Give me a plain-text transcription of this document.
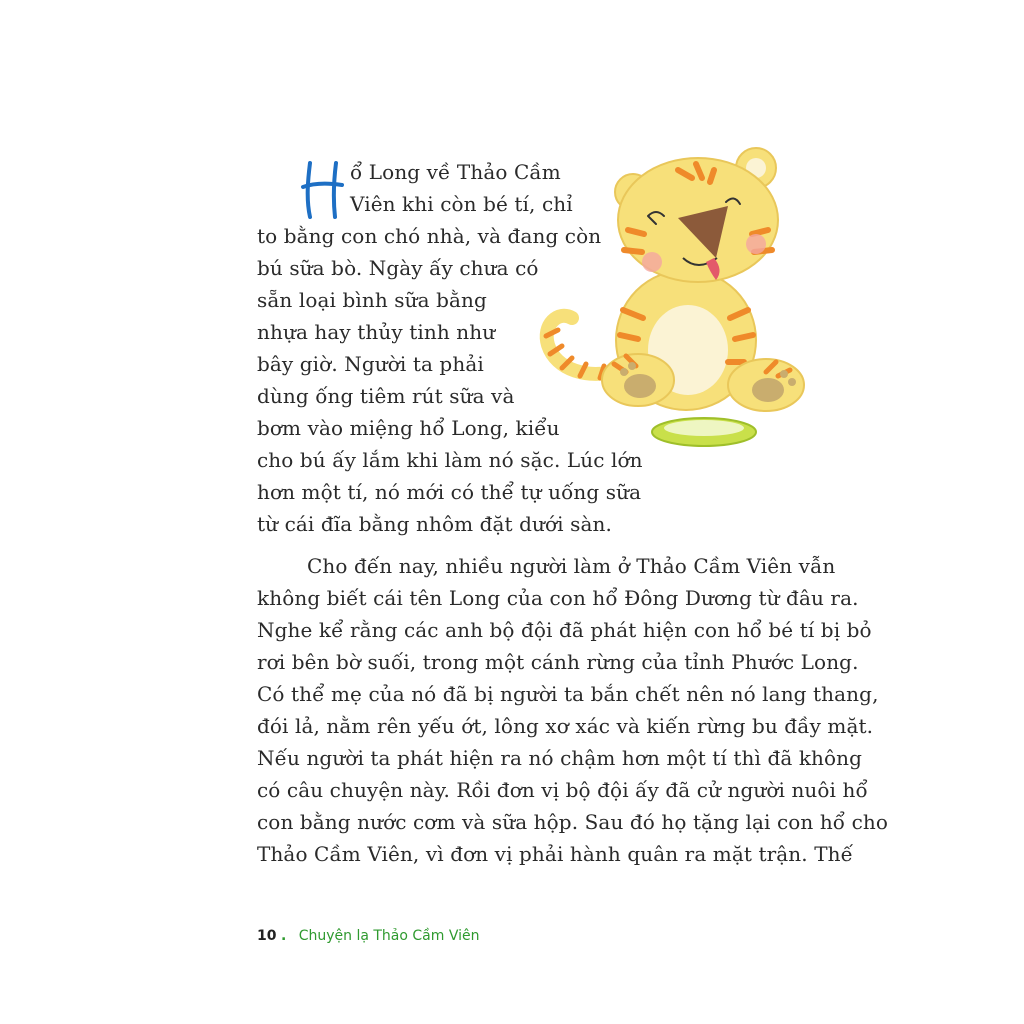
H
ổ Long về Thảo Cầm
Viên khi còn bé tí, chỉ
to bằng con chó nhà, và đang còn
bú sữa bò. Ngày ấy chưa có
sẵn loại bình sữa bằng
nhựa hay thủy tinh như
bây giờ. Người ta phải
dùng ống tiêm rút sữa và
bơm vào miệng hổ Long, kiểu
cho bú ấy lắm khi làm nó sặc. Lúc lớn
hơn một tí, nó mới có thể tự uống sữa
từ cái đĩa bằng nhôm đặt dưới sàn.
Cho đến nay, nhiều người làm ở Thảo Cầm Viên vẫn
không biết cái tên Long của con hổ Đông Dương từ đâu ra.
Nghe kể rằng các anh bộ đội đã phát hiện con hổ bé tí bị bỏ
rơi bên bờ suối, trong một cánh rừng của tỉnh Phước Long.
Có thể mẹ của nó đã bị người ta bắn chết nên nó lang thang,
đói lả, nằm rên yếu ớt, lông xơ xác và kiến rừng bu đầy mặt.
Nếu người ta phát hiện ra nó chậm hơn một tí thì đã không
có câu chuyện này. Rồi đơn vị bộ đội ấy đã cử người nuôi hổ
con bằng nước cơm và sữa hộp. Sau đó họ tặng lại con hổ cho
Thảo Cầm Viên, vì đơn vị phải hành quân ra mặt trận. Thế
10 . Chuyện lạ Thảo Cầm Viên
